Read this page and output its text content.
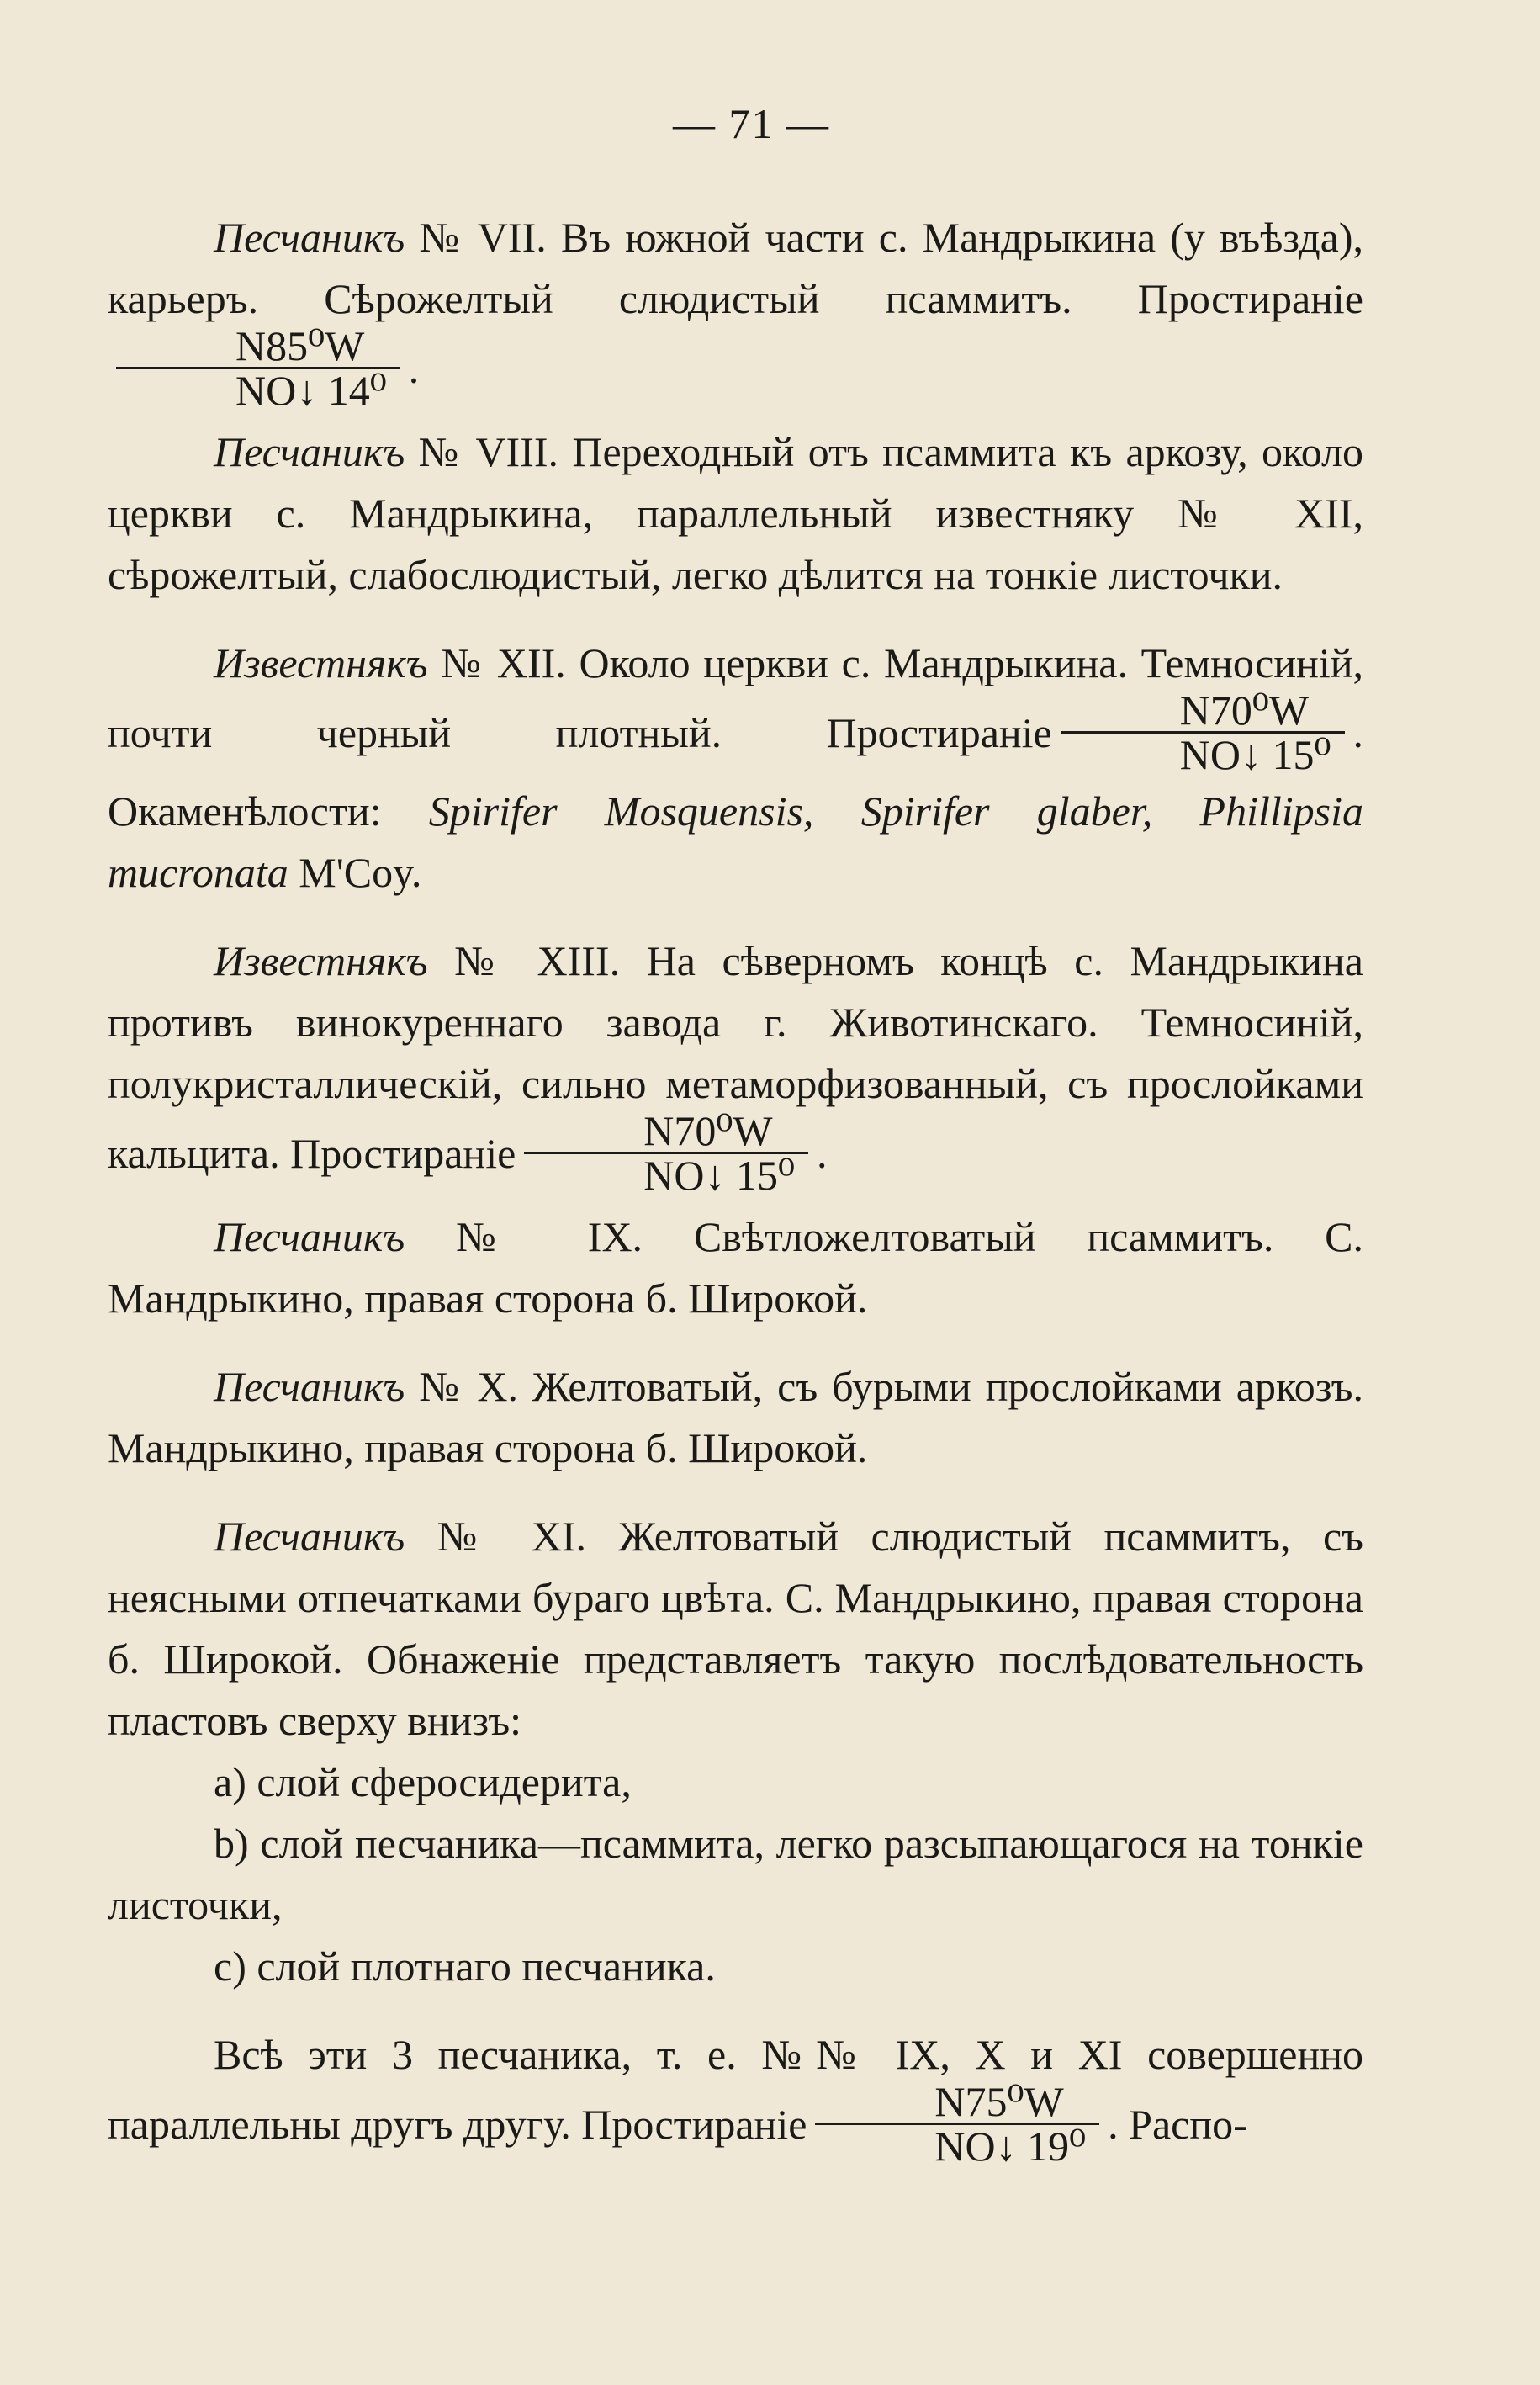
— 71 —

Песчаникъ № VII. Въ южной части с. Мандрыкина (у въѣзда), карьеръ. Сѣрожелтый слюдистый псаммитъ. Простираніе
$\frac{\text{N85⁰W}}{\text{NO↓ 14⁰}}$ .

Песчаникъ № VIII. Переходный отъ псаммита къ аркозу, около церкви с. Мандрыкина, параллельный известняку № XII, сѣрожелтый, слабослюдистый, легко дѣлится на тонкіе листочки.

Известнякъ № XII. Около церкви с. Мандрыкина. Темносиній, почти черный плотный. Простираніе $\frac{\text{N70⁰W}}{\text{NO↓ 15⁰}}$ . Окаменѣлости: Spirifer Mosquensis, Spirifer glaber, Phillipsia mucronata M'Coy.

Известнякъ № XIII. На сѣверномъ концѣ с. Мандрыкина противъ винокуреннаго завода г. Животинскаго. Темносиній, полукристаллическій, сильно метаморфизованный, съ прослойками кальцита. Простираніе $\frac{\text{N70⁰W}}{\text{NO↓ 15⁰}}$ .

Песчаникъ № IX. Свѣтложелтоватый псаммитъ. С. Мандрыкино, правая сторона б. Широкой.

Песчаникъ № X. Желтоватый, съ бурыми прослойками аркозъ. Мандрыкино, правая сторона б. Широкой.

Песчаникъ № XI. Желтоватый слюдистый псаммитъ, съ неясными отпечатками бураго цвѣта. С. Мандрыкино, правая сторона б. Широкой. Обнаженіе представляетъ такую послѣдовательность пластовъ сверху внизъ:

a) слой сферосидерита,

b) слой песчаника—псаммита, легко разсыпающагося на тонкіе листочки,

c) слой плотнаго песчаника.

Всѣ эти 3 песчаника, т. е. №№ IX, X и XI совершенно параллельны другъ другу. Простираніе $\frac{\text{N75⁰W}}{\text{NO↓ 19⁰}}$ . Распо-
